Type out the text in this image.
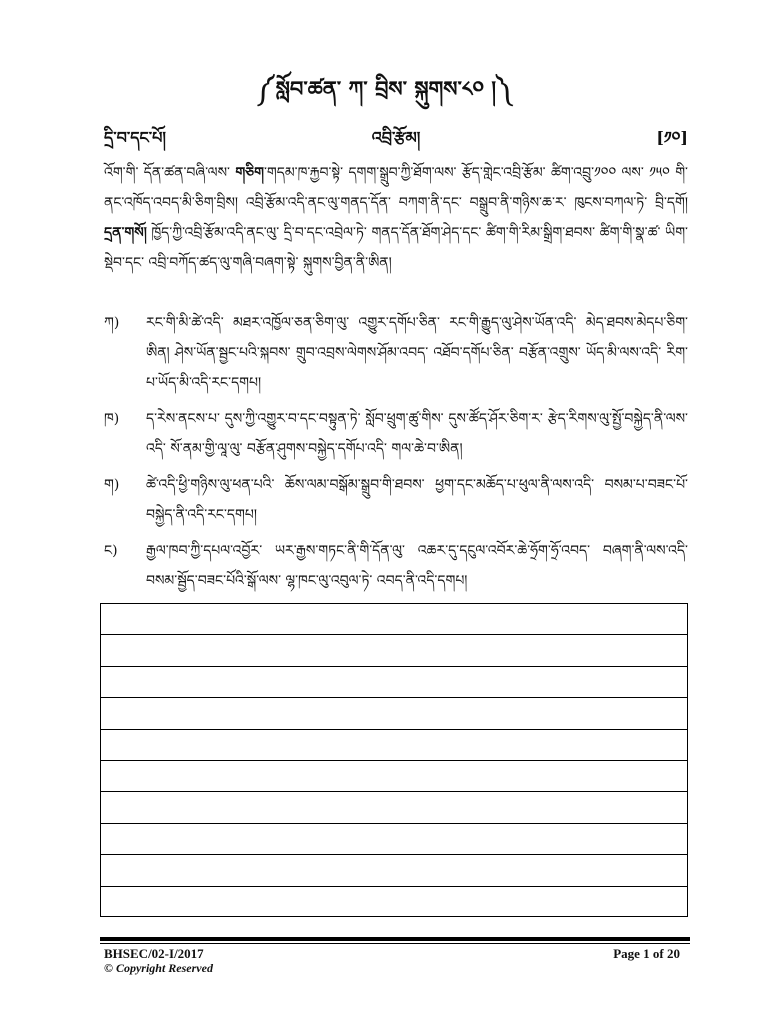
༼སློབ་ཚན་ ཀ་ བྲིས་ སྐུགས་༨༠ །༽
དྲི་བ་དང་པོ།	འབྲི་རྩོམ།	[༡༠]

འོག་གི་ དོན་ཚན་བཞི་ལས་ གཅིག་གདམ་ཁ་རྐྱབ་སྟེ་ དགག་སྒྲུབ་ཀྱི་ཐོག་ལས་ རྩོད་གླེང་འབྲི་རྩོམ་ ཚིག་འབྲུ་༡༠༠ ལས་ ༡༥༠ གི་ནང་འཁོད་འབད་མི་ཅིག་བྲིས། འབྲི་རྩོམ་འདི་ནང་ལུ་གནད་དོན་ བཀག་ནི་དང་ བསྒྲུབ་ནི་གཉིས་ཆ་ར་ ཁུངས་བཀལ་ཏེ་ བྲི་དགོ། དྲན་གསོ། ཁྱོད་ཀྱི་འབྲི་རྩོམ་འདི་ནང་ལུ་ དྲི་བ་དང་འབྲེལ་ཏེ་ གནད་དོན་ཐོག་ཤེད་དང་ ཚིག་གི་རིམ་སྒྲིག་ཐབས་ ཚིག་གི་སྣ་ཚ་ ཡིག་སྡེབ་དང་ འབྲི་བཀོད་ཚད་ལུ་གཞི་བཞག་སྟེ་ སྐུགས་བྱིན་ནི་ཨིན།

ཀ) རང་གི་མི་ཚེ་འདི་ མཐར་འཁྱོལ་ཅན་ཅིག་ལུ་ འགྱུར་དགོཔ་ཅིན་ རང་གི་རྒྱུད་ལུ་ཤེས་ཡོན་འདི་ མེད་ཐབས་མེདཔ་ཅིག་ཨིན། ཤེས་ཡོན་སྦྱང་པའི་སྐབས་ གྲུབ་འབྲས་ལེགས་ཤོམ་འབད་ འཐོབ་དགོཔ་ཅིན་ བརྩོན་འགྲུས་ ཡོད་མི་ལས་འདི་ རིག་པ་ཡོད་མི་འདི་རང་དགཔ།
ཁ) ད་རེས་ནངས་པ་ དུས་ཀྱི་འགྱུར་བ་དང་བསྟུན་ཏེ་ སློབ་ཕྲུག་ཚུ་གིས་ དུས་ཚོད་ཤོར་ཅིག་ར་ རྩེད་རིགས་ལུ་སྤྱོ་བསྐྱེད་ནི་ལས་འདི་ སོ་ནམ་གྱི་ལཱ་ལུ་ བརྩོན་ཤུགས་བསྐྱེད་དགོཔ་འདི་ གལ་ཆེ་བ་ཨིན།
ག) ཚེ་འདི་ཕྱི་གཉིས་ལུ་ཕན་པའི་ ཆོས་ལམ་བསྒོམ་སྒྲུབ་གི་ཐབས་ ཕྱག་དང་མཆོད་པ་ཕུལ་ནི་ལས་འདི་ བསམ་པ་བཟང་པོ་ བསྐྱེད་ནི་འདི་རང་དགཔ།
ང) རྒྱལ་ཁབ་ཀྱི་དཔལ་འབྱོར་ ཡར་རྒྱས་གཏང་ནི་གི་དོན་ལུ་ འཆར་དུ་དངུལ་འབོར་ཆེ་ཧྲོག་ཧྲོ་འབད་ བཞག་ནི་ལས་འདི་ བསམ་སྦྱོད་བཟང་པོའི་སྒོ་ལས་ ལྷ་ཁང་ལུ་འབུལ་ཏེ་ འབད་ནི་འདི་དགཔ།
BHSEC/02-I/2017
© Copyright Reserved
Page 1 of 20
